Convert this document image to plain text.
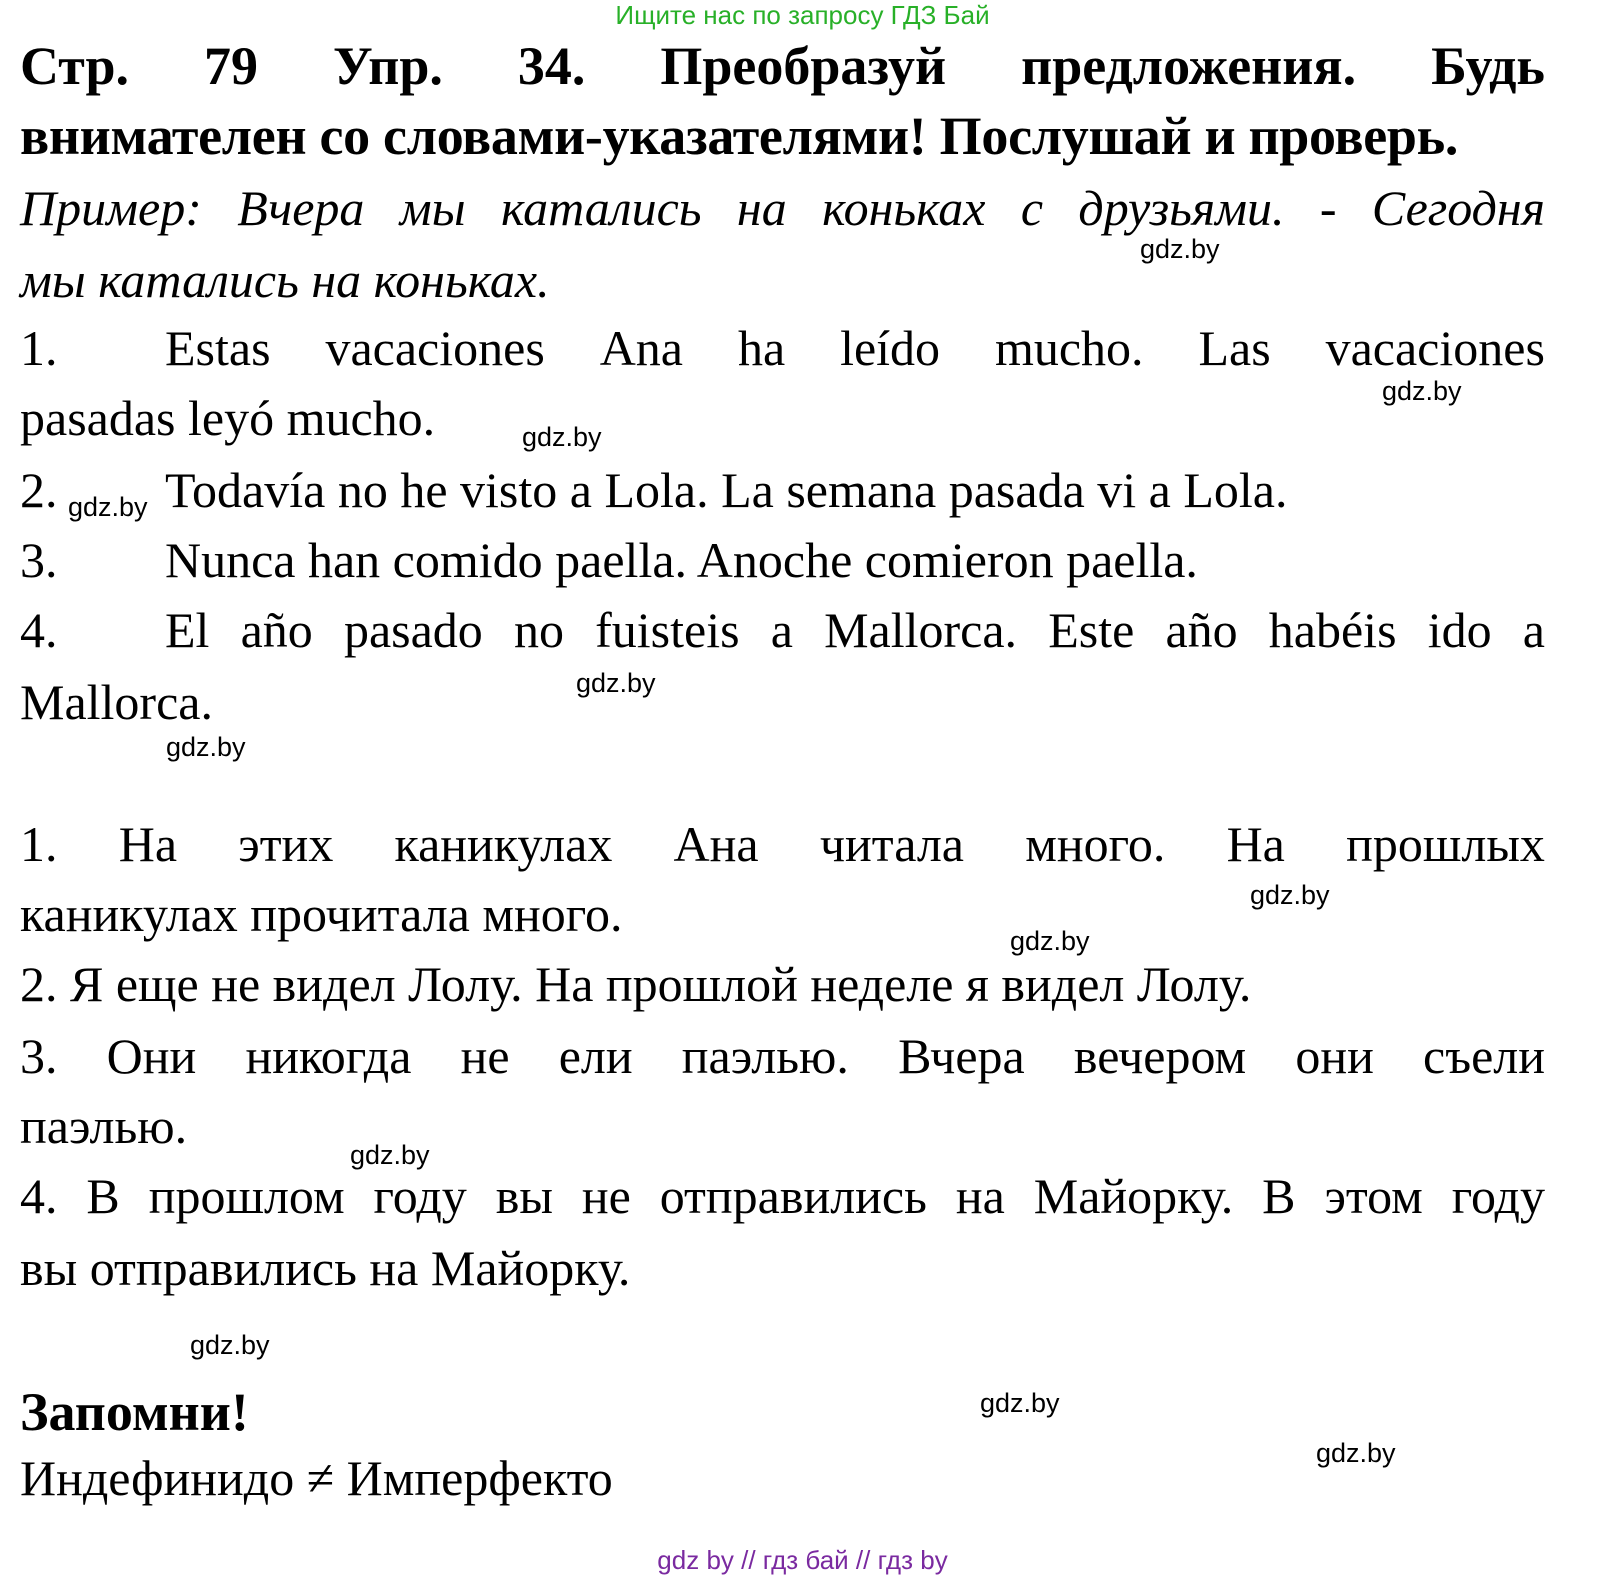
Ищите нас по запросу ГДЗ Бай
Стр. 79 Упр. 34. Преобразуй предложения. Будь
внимателен со словами-указателями! Послушай и проверь.
Пример: Вчера мы катались на коньках с друзьями. - Сегодня
мы катались на коньках.
1. Estas vacaciones Ana ha leído mucho. Las vacaciones
pasadas leyó mucho.
2. Todavía no he visto a Lola. La semana pasada vi a Lola.
3. Nunca han comido paella. Anoche comieron paella.
4. El año pasado no fuisteis a Mallorca. Este año habéis ido a
Mallorca.
1. На этих каникулах Ана читала много. На прошлых
каникулах прочитала много.
2. Я еще не видел Лолу. На прошлой неделе я видел Лолу.
3. Они никогда не ели паэлью. Вчера вечером они съели
паэлью.
4. В прошлом году вы не отправились на Майорку. В этом году
вы отправились на Майорку.
Запомни!
Индефинидо ≠ Имперфекто
gdz.by
gdz.by
gdz.by
gdz.by
gdz.by
gdz.by
gdz.by
gdz.by
gdz.by
gdz.by
gdz.by
gdz.by
gdz by // гдз бай // гдз by
